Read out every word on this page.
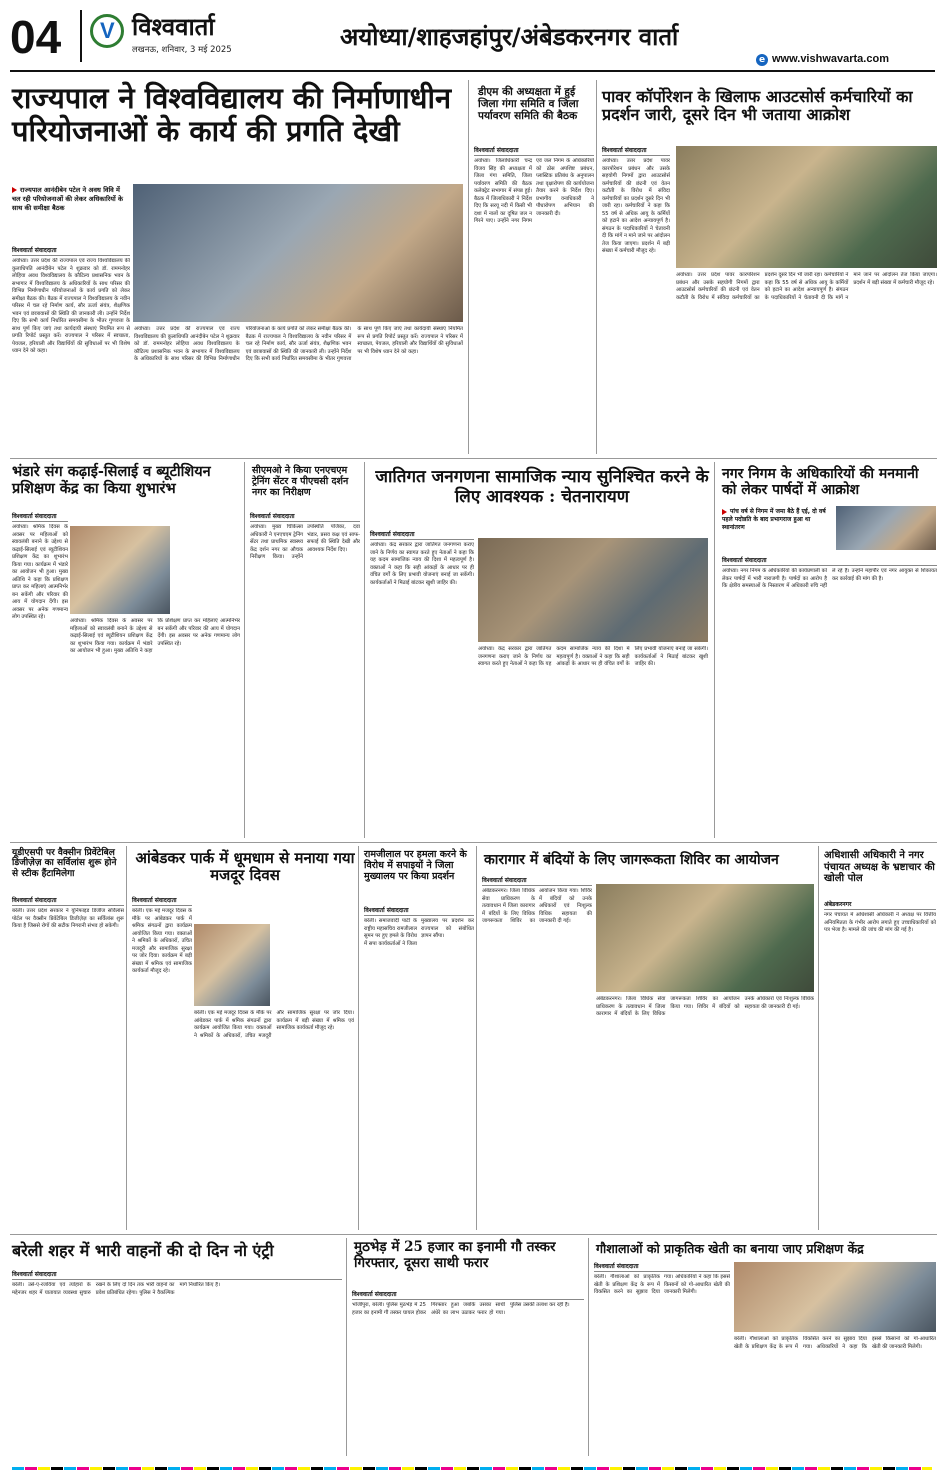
04 V विश्ववार्ता
लखनऊ, शनिवार, 3 मई 2025	अयोध्या/शाहजहांपुर/अंबेडकरनगर वार्ता
e www.vishwavarta.com
राज्यपाल ने विश्वविद्यालय की निर्माणाधीन परियोजनाओं के कार्य की प्रगति देखी
राज्यपाल आनंदीबेन पटेल ने अवध विवि में चल रही परियोजनाओं की लेकर अधिकारियों के साथ की समीक्षा बैठक
विश्ववार्ता संवाददाता
अयोध्या। उत्तर प्रदेश की राज्यपाल एवं राज्य विश्वविद्यालय की कुलाधिपति आनंदीबेन पटेल ने शुक्रवार को डॉ. राममनोहर लोहिया अवध विश्वविद्यालय के कौटिल्य प्रशासनिक भवन के सभागार में विश्वविद्यालय के अधिकारियों के साथ परिसर की विभिन्न निर्माणाधीन परियोजनाओं के कार्य प्रगति को लेकर समीक्षा बैठक की। बैठक में राज्यपाल ने विश्वविद्यालय के नवीन परिसर में चल रहे निर्माण कार्य, सौर ऊर्जा संयंत्र, शैक्षणिक भवन एवं छात्रावासों की स्थिति की जानकारी ली। उन्होंने निर्देश दिए कि सभी कार्य निर्धारित समयसीमा के भीतर गुणवत्ता के साथ पूर्ण किए जाएं तथा कार्यदायी संस्थाएं नियमित रूप से प्रगति रिपोर्ट प्रस्तुत करें। राज्यपाल ने परिसर में स्वच्छता, पेयजल, हरियाली और विद्यार्थियों की सुविधाओं पर भी विशेष ध्यान देने को कहा।
अयोध्या। उत्तर प्रदेश की राज्यपाल एवं राज्य विश्वविद्यालय की कुलाधिपति आनंदीबेन पटेल ने शुक्रवार को डॉ. राममनोहर लोहिया अवध विश्वविद्यालय के कौटिल्य प्रशासनिक भवन के सभागार में विश्वविद्यालय के अधिकारियों के साथ परिसर की विभिन्न निर्माणाधीन परियोजनाओं के कार्य प्रगति को लेकर समीक्षा बैठक की। बैठक में राज्यपाल ने विश्वविद्यालय के नवीन परिसर में चल रहे निर्माण कार्य, सौर ऊर्जा संयंत्र, शैक्षणिक भवन एवं छात्रावासों की स्थिति की जानकारी ली। उन्होंने निर्देश दिए कि सभी कार्य निर्धारित समयसीमा के भीतर गुणवत्ता के साथ पूर्ण किए जाएं तथा कार्यदायी संस्थाएं नियमित रूप से प्रगति रिपोर्ट प्रस्तुत करें। राज्यपाल ने परिसर में स्वच्छता, पेयजल, हरियाली और विद्यार्थियों की सुविधाओं पर भी विशेष ध्यान देने को कहा।
डीएम की अध्यक्षता में हुई जिला गंगा समिति व जिला पर्यावरण समिति की बैठक
विश्ववार्ता संवाददाता
अयोध्या। जिलाधिकारी चन्द्र विजय सिंह की अध्यक्षता में जिला गंगा समिति, जिला पर्यावरण समिति की बैठक कलेक्ट्रेट सभागार में संपन्न हुई। बैठक में जिलाधिकारी ने निर्देश दिए कि सरयू नदी में किसी भी दशा में नालों का दूषित जल न गिरने पाए। उन्होंने नगर निगम एवं जल निगम के अधिकारियों को ठोस अपशिष्ट प्रबंधन, प्लास्टिक प्रतिबंध के अनुपालन तथा वृक्षारोपण की कार्ययोजना तैयार करने के निर्देश दिए। प्रभागीय वनाधिकारी ने पौधारोपण अभियान की जानकारी दी।
पावर कॉर्पोरेशन के खिलाफ आउटसोर्स कर्मचारियों का प्रदर्शन जारी, दूसरे दिन भी जताया आक्रोश
विश्ववार्ता संवाददाता
अयोध्या। उत्तर प्रदेश पावर कारपोरेशन प्रबंधन और उसके सहयोगी निगमों द्वारा आउटसोर्स कर्मचारियों की छंटनी एवं वेतन कटौती के विरोध में संविदा कर्मचारियों का प्रदर्शन दूसरे दिन भी जारी रहा। कर्मचारियों ने कहा कि 55 वर्ष से अधिक आयु के कर्मियों को हटाने का आदेश अन्यायपूर्ण है। संगठन के पदाधिकारियों ने चेतावनी दी कि मांगें न माने जाने पर आंदोलन तेज किया जाएगा। प्रदर्शन में बड़ी संख्या में कर्मचारी मौजूद रहे।
अयोध्या। उत्तर प्रदेश पावर कारपोरेशन प्रबंधन और उसके सहयोगी निगमों द्वारा आउटसोर्स कर्मचारियों की छंटनी एवं वेतन कटौती के विरोध में संविदा कर्मचारियों का प्रदर्शन दूसरे दिन भी जारी रहा। कर्मचारियों ने कहा कि 55 वर्ष से अधिक आयु के कर्मियों को हटाने का आदेश अन्यायपूर्ण है। संगठन के पदाधिकारियों ने चेतावनी दी कि मांगें न माने जाने पर आंदोलन तेज किया जाएगा। प्रदर्शन में बड़ी संख्या में कर्मचारी मौजूद रहे।
भंडारे संग कढ़ाई-सिलाई व ब्यूटीशियन प्रशिक्षण केंद्र का किया शुभारंभ
विश्ववार्ता संवाददाता
अयोध्या। श्रमिक दिवस के अवसर पर महिलाओं को स्वावलंबी बनाने के उद्देश्य से कढ़ाई-सिलाई एवं ब्यूटीशियन प्रशिक्षण केंद्र का शुभारंभ किया गया। कार्यक्रम में भंडारे का आयोजन भी हुआ। मुख्य अतिथि ने कहा कि प्रशिक्षण प्राप्त कर महिलाएं आत्मनिर्भर बन सकेंगी और परिवार की आय में योगदान देंगी। इस अवसर पर अनेक गणमान्य लोग उपस्थित रहे।
अयोध्या। श्रमिक दिवस के अवसर पर महिलाओं को स्वावलंबी बनाने के उद्देश्य से कढ़ाई-सिलाई एवं ब्यूटीशियन प्रशिक्षण केंद्र का शुभारंभ किया गया। कार्यक्रम में भंडारे का आयोजन भी हुआ। मुख्य अतिथि ने कहा कि प्रशिक्षण प्राप्त कर महिलाएं आत्मनिर्भर बन सकेंगी और परिवार की आय में योगदान देंगी। इस अवसर पर अनेक गणमान्य लोग उपस्थित रहे।
सीएमओ ने किया एनएचएम ट्रेनिंग सेंटर व पीएचसी दर्शन नगर का निरीक्षण
विश्ववार्ता संवाददाता
अयोध्या। मुख्य चिकित्सा अधिकारी ने एनएचएम ट्रेनिंग सेंटर तथा प्राथमिक स्वास्थ्य केंद्र दर्शन नगर का औचक निरीक्षण किया। उन्होंने उपस्थिति पंजिका, दवा भंडार, प्रसव कक्ष एवं साफ-सफाई की स्थिति देखी और आवश्यक निर्देश दिए।
जातिगत जनगणना सामाजिक न्याय सुनिश्चित करने के लिए आवश्यक : चेतनारायण
विश्ववार्ता संवाददाता
अयोध्या। केंद्र सरकार द्वारा जातिगत जनगणना कराए जाने के निर्णय का स्वागत करते हुए नेताओं ने कहा कि यह कदम सामाजिक न्याय की दिशा में महत्वपूर्ण है। वक्ताओं ने कहा कि सही आंकड़ों के आधार पर ही वंचित वर्गों के लिए प्रभावी योजनाएं बनाई जा सकेंगी। कार्यकर्ताओं ने मिठाई बांटकर खुशी जाहिर की।
अयोध्या। केंद्र सरकार द्वारा जातिगत जनगणना कराए जाने के निर्णय का स्वागत करते हुए नेताओं ने कहा कि यह कदम सामाजिक न्याय की दिशा में महत्वपूर्ण है। वक्ताओं ने कहा कि सही आंकड़ों के आधार पर ही वंचित वर्गों के लिए प्रभावी योजनाएं बनाई जा सकेंगी। कार्यकर्ताओं ने मिठाई बांटकर खुशी जाहिर की।
नगर निगम के अधिकारियों की मनमानी को लेकर पार्षदों में आक्रोश
पांच वर्ष से निगम में जमा बैठे हैं एई, दो वर्ष पहले पदोन्नति के बाद प्रभागराज हुआ था स्थानांतरण
विश्ववार्ता संवाददाता
अयोध्या। नगर निगम के अधिकारियों की कार्यप्रणाली को लेकर पार्षदों में भारी नाराजगी है। पार्षदों का आरोप है कि क्षेत्रीय समस्याओं के निस्तारण में अधिकारी रुचि नहीं ले रहे हैं। उन्होंने महापौर एवं नगर आयुक्त से शिकायत कर कार्रवाई की मांग की है।
यूडीएसपी पर वैक्सीन प्रिवेंटेबिल डिजीज़ेज़ का सर्विलांस शुरू होने से स्टीक हैंटामिलेगा
विश्ववार्ता संवाददाता
बरेली। उत्तर प्रदेश सरकार ने यूनिफाइड डिजीज सर्विलांस पोर्टल पर वैक्सीन प्रिवेंटेबिल डिजीज़ेज़ का सर्विलांस शुरू किया है जिससे रोगों की सटीक निगरानी संभव हो सकेगी।
आंबेडकर पार्क में धूमधाम से मनाया गया मजदूर दिवस
विश्ववार्ता संवाददाता
बरेली। एक मई मजदूर दिवस के मौके पर आंबेडकर पार्क में श्रमिक संगठनों द्वारा कार्यक्रम आयोजित किया गया। वक्ताओं ने श्रमिकों के अधिकारों, उचित मजदूरी और सामाजिक सुरक्षा पर जोर दिया। कार्यक्रम में बड़ी संख्या में श्रमिक एवं सामाजिक कार्यकर्ता मौजूद रहे।
बरेली। एक मई मजदूर दिवस के मौके पर आंबेडकर पार्क में श्रमिक संगठनों द्वारा कार्यक्रम आयोजित किया गया। वक्ताओं ने श्रमिकों के अधिकारों, उचित मजदूरी और सामाजिक सुरक्षा पर जोर दिया। कार्यक्रम में बड़ी संख्या में श्रमिक एवं सामाजिक कार्यकर्ता मौजूद रहे।
रामजीलाल पर हमला करने के विरोध में सपाइयों ने जिला मुख्यालय पर किया प्रदर्शन
विश्ववार्ता संवाददाता
बरेली। समाजवादी पार्टी के राष्ट्रीय महासचिव रामजीलाल सुमन पर हुए हमले के विरोध में सपा कार्यकर्ताओं ने जिला मुख्यालय पर प्रदर्शन कर राज्यपाल को संबोधित ज्ञापन सौंपा।
कारागार में बंदियों के लिए जागरूकता शिविर का आयोजन
विश्ववार्ता संवाददाता
अंबेडकरनगर। जिला विधिक सेवा प्राधिकरण के तत्वावधान में जिला कारागार में बंदियों के लिए विधिक जागरूकता शिविर का आयोजन किया गया। शिविर में बंदियों को उनके अधिकारों एवं निःशुल्क विधिक सहायता की जानकारी दी गई।
अंबेडकरनगर। जिला विधिक सेवा प्राधिकरण के तत्वावधान में जिला कारागार में बंदियों के लिए विधिक जागरूकता शिविर का आयोजन किया गया। शिविर में बंदियों को उनके अधिकारों एवं निःशुल्क विधिक सहायता की जानकारी दी गई।
अधिशासी अधिकारी ने नगर पंचायत अध्यक्ष के भ्रष्टाचार की खोली पोल
अंबेडकरनगर
नगर पंचायत में अधिशासी अधिकारी ने अध्यक्ष पर वित्तीय अनियमितता के गंभीर आरोप लगाते हुए उच्चाधिकारियों को पत्र भेजा है। मामले की जांच की मांग की गई है।
बरेली शहर में भारी वाहनों की दो दिन नो एंट्री
विश्ववार्ता संवाददाता
बरेली। उर्स-ए-रजविया एवं त्योहारों के मद्देनजर शहर में यातायात व्यवस्था सुचारु रखने के लिए दो दिन तक भारी वाहनों का प्रवेश प्रतिबंधित रहेगा। पुलिस ने वैकल्पिक मार्ग निर्धारित किए हैं।
मुठभेड़ में 25 हजार का इनामी गौ तस्कर गिरफ्तार, दूसरा साथी फरार
विश्ववार्ता संवाददाता
भोजीपुरा, बरेली। पुलिस मुठभेड़ में 25 हजार का इनामी गौ तस्कर घायल होकर गिरफ्तार हुआ जबकि उसका साथी अंधेरे का लाभ उठाकर फरार हो गया। पुलिस उसकी तलाश कर रही है।
गौशालाओं को प्राकृतिक खेती का बनाया जाए प्रशिक्षण केंद्र
विश्ववार्ता संवाददाता
बरेली। गौशालाओं को प्राकृतिक खेती के प्रशिक्षण केंद्र के रूप में विकसित करने का सुझाव दिया गया। अधिकारियों ने कहा कि इससे किसानों को गो-आधारित खेती की जानकारी मिलेगी।
बरेली। गौशालाओं को प्राकृतिक खेती के प्रशिक्षण केंद्र के रूप में विकसित करने का सुझाव दिया गया। अधिकारियों ने कहा कि इससे किसानों को गो-आधारित खेती की जानकारी मिलेगी।
